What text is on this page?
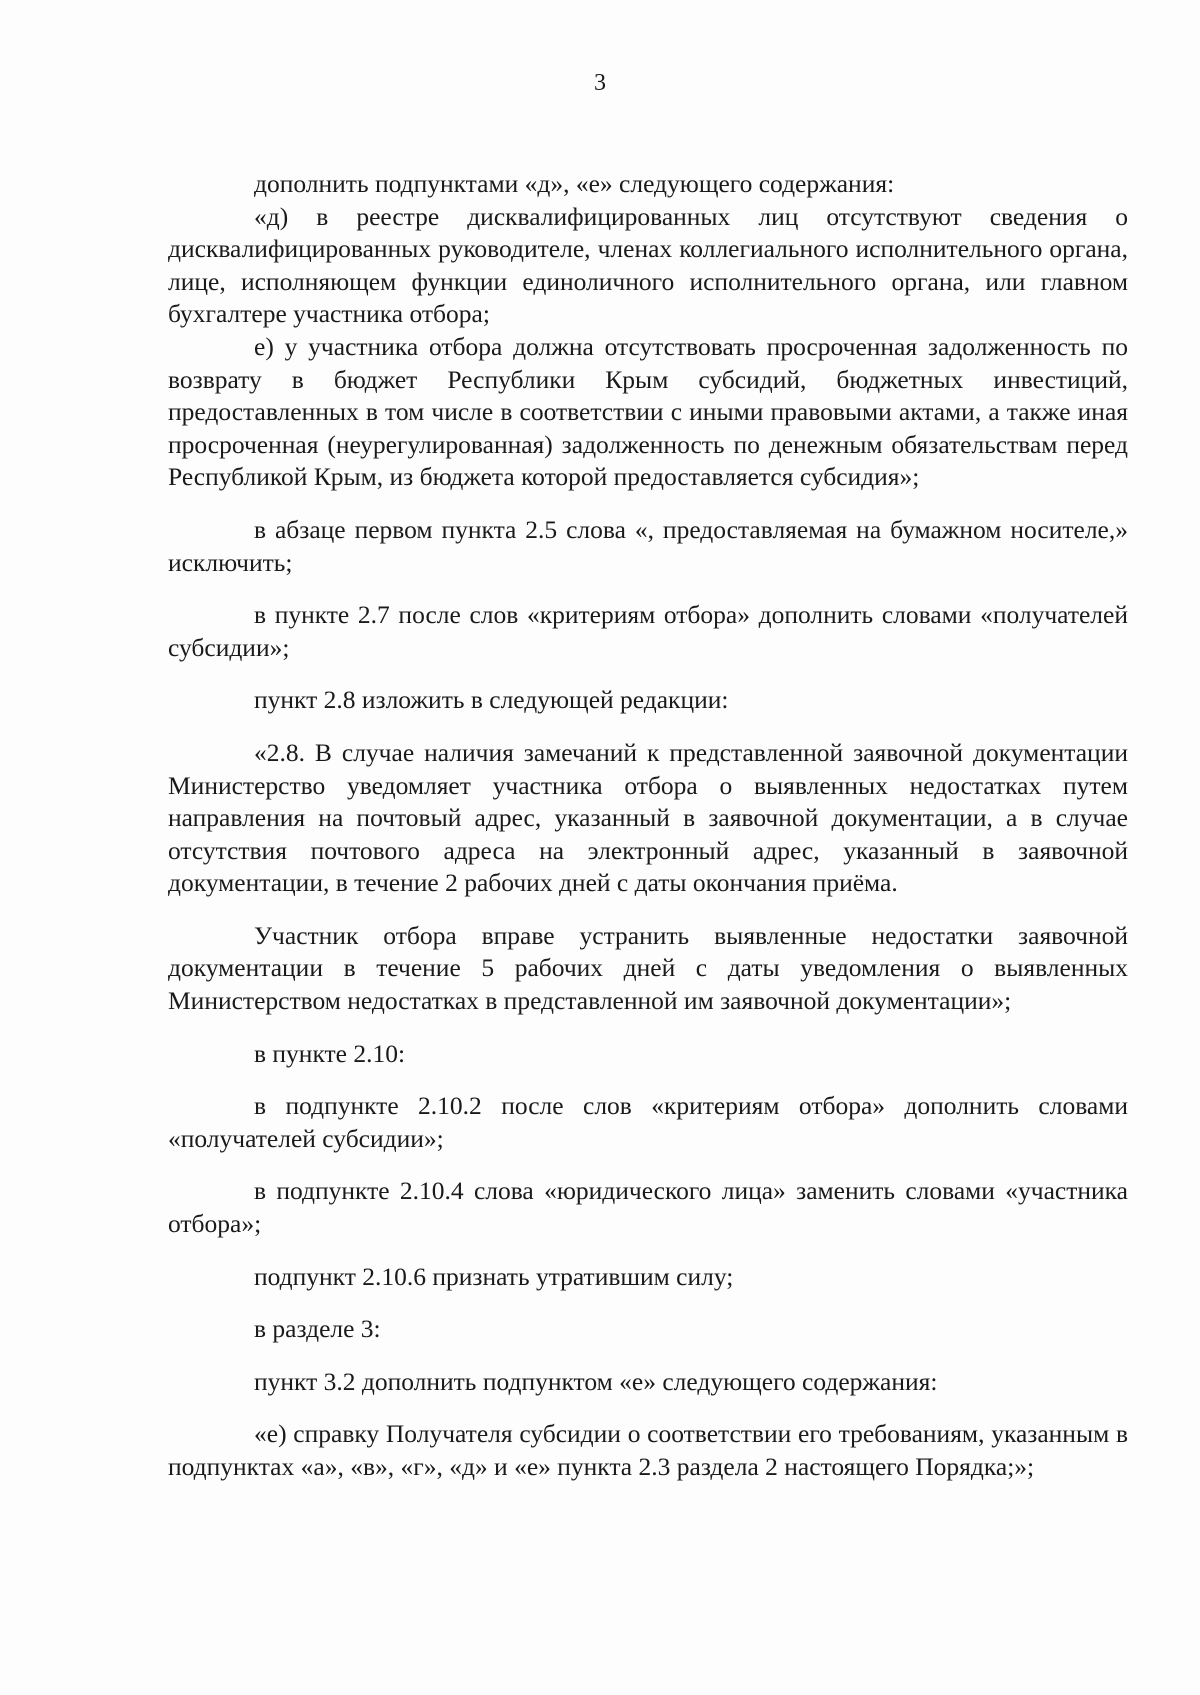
3

дополнить подпунктами «д», «е» следующего содержания:

«д) в реестре дисквалифицированных лиц отсутствуют сведения о дисквалифицированных руководителе, членах коллегиального исполнительного органа, лице, исполняющем функции единоличного исполнительного органа, или главном бухгалтере участника отбора;

е) у участника отбора должна отсутствовать просроченная задолженность по возврату в бюджет Республики Крым субсидий, бюджетных инвестиций, предоставленных в том числе в соответствии с иными правовыми актами, а также иная просроченная (неурегулированная) задолженность по денежным обязательствам перед Республикой Крым, из бюджета которой предоставляется субсидия»;

в абзаце первом пункта 2.5 слова «, предоставляемая на бумажном носителе,» исключить;

в пункте 2.7 после слов «критериям отбора» дополнить словами «получателей субсидии»;

пункт 2.8 изложить в следующей редакции:

«2.8. В случае наличия замечаний к представленной заявочной документации Министерство уведомляет участника отбора о выявленных недостатках путем направления на почтовый адрес, указанный в заявочной документации, а в случае отсутствия почтового адреса на электронный адрес, указанный в заявочной документации, в течение 2 рабочих дней с даты окончания приёма.

Участник отбора вправе устранить выявленные недостатки заявочной документации в течение 5 рабочих дней с даты уведомления о выявленных Министерством недостатках в представленной им заявочной документации»;

в пункте 2.10:

в подпункте 2.10.2 после слов «критериям отбора» дополнить словами «получателей субсидии»;

в подпункте 2.10.4 слова «юридического лица» заменить словами «участника отбора»;

подпункт 2.10.6 признать утратившим силу;

в разделе 3:

пункт 3.2 дополнить подпунктом «е» следующего содержания:

«е) справку Получателя субсидии о соответствии его требованиям, указанным в подпунктах «а», «в», «г», «д» и «е» пункта 2.3 раздела 2 настоящего Порядка;»;
